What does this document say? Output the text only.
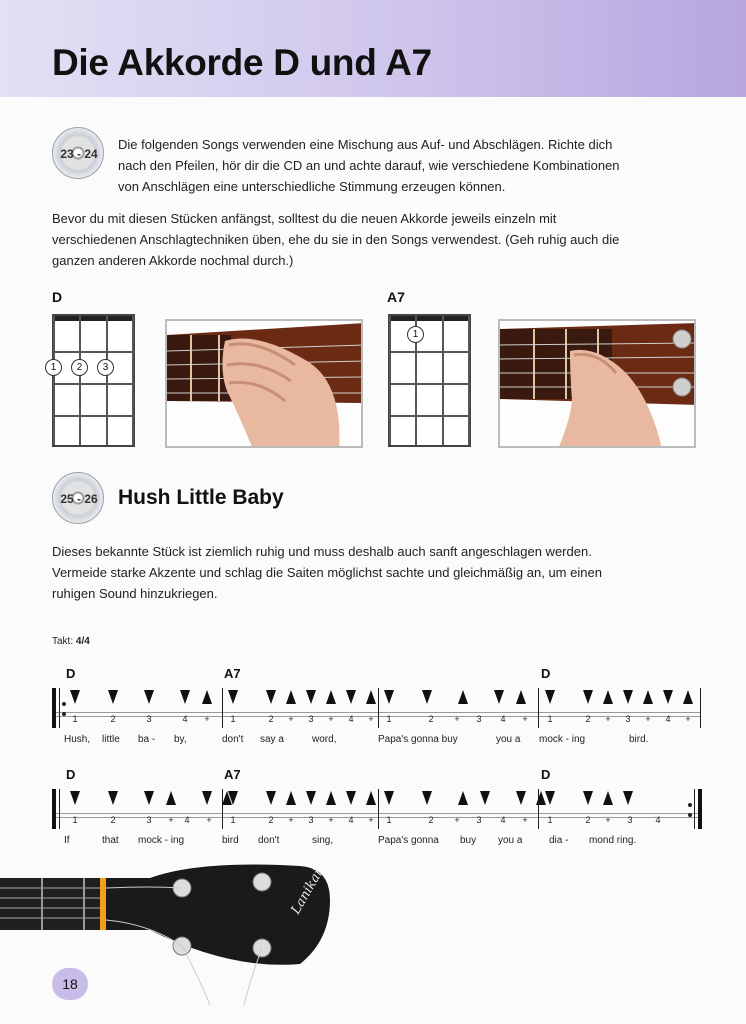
Die Akkorde D und A7
23 - 24
Die folgenden Songs verwenden eine Mischung aus Auf- und Abschlägen. Richte dich
nach den Pfeilen, hör dir die CD an und achte darauf, wie verschiedene Kombinationen
von Anschlägen eine unterschiedliche Stimmung erzeugen können.
Bevor du mit diesen Stücken anfängst, solltest du die neuen Akkorde jeweils einzeln mit
verschiedenen Anschlagtechniken üben, ehe du sie in den Songs verwendest. (Geh ruhig auch die
ganzen anderen Akkorde nochmal durch.)
D
1	2	3
A7
1
25 - 26 Hush Little Baby
Dieses bekannte Stück ist ziemlich ruhig und muss deshalb auch sanft angeschlagen werden.
Vermeide starke Akzente und schlag die Saiten möglichst sachte und gleichmäßig an, um einen
ruhigen Sound hinzukriegen.
Takt: 4/4
D
1	2	3	4	+
Hush, little ba - by,
A7
1	2	+	3	+	4	+
don't say a	word,
1	2	+	3	4	+
Papa's gonna buy	you a
D
1	2	+	3	+	4	+
mock - ing	bird.
D
1	2	3	+	4	+
If	that mock - ing
A7
1	2	+	3	+	4	+
bird don't	sing,
1	2	+	3	4	+
Papa's gonna buy you a
D
1	2	+	3	4
dia - mond ring.
Lanikai
18
